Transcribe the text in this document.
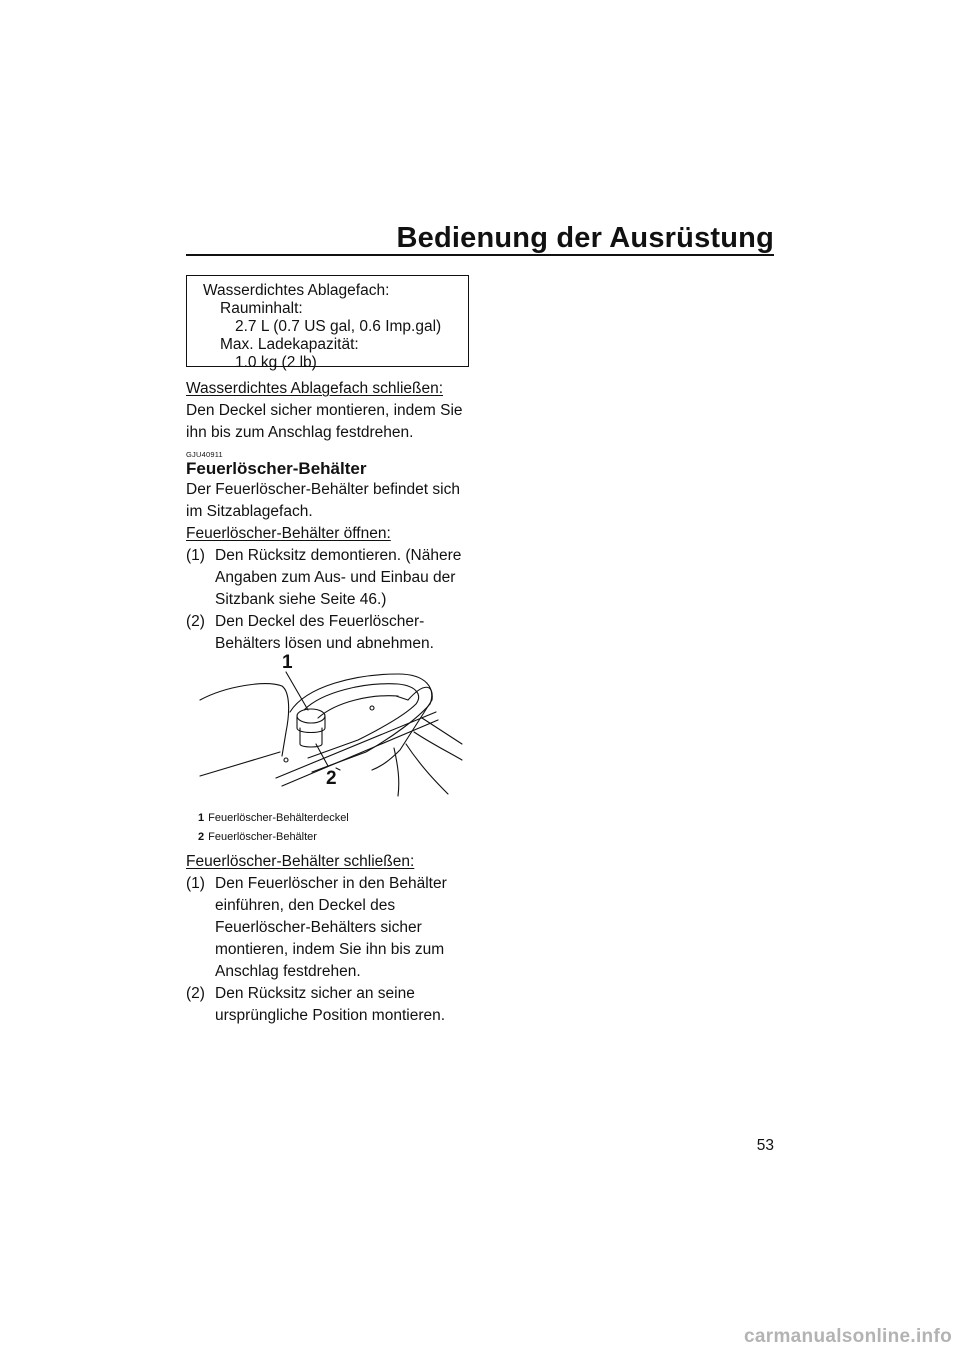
Bedienung der Ausrüstung
Wasserdichtes Ablagefach:
Rauminhalt:
2.7 L (0.7 US gal, 0.6 Imp.gal)
Max. Ladekapazität:
1.0 kg (2 lb)

Wasserdichtes Ablagefach schließen:

Den Deckel sicher montieren, indem Sie ihn bis zum Anschlag festdrehen.

GJU40911

Feuerlöscher-Behälter

Der Feuerlöscher-Behälter befindet sich im Sitzablagefach.

Feuerlöscher-Behälter öffnen:

(1) Den Rücksitz demontieren. (Nähere Angaben zum Aus- und Einbau der Sitzbank siehe Seite 46.)
(2) Den Deckel des Feuerlöscher-Behälters lösen und abnehmen.
1
2
1 Feuerlöscher-Behälterdeckel
2 Feuerlöscher-Behälter

Feuerlöscher-Behälter schließen:

(1) Den Feuerlöscher in den Behälter einführen, den Deckel des Feuerlöscher-Behälters sicher montieren, indem Sie ihn bis zum Anschlag festdrehen.
(2) Den Rücksitz sicher an seine ursprüngliche Position montieren.
53
carmanualsonline.info
